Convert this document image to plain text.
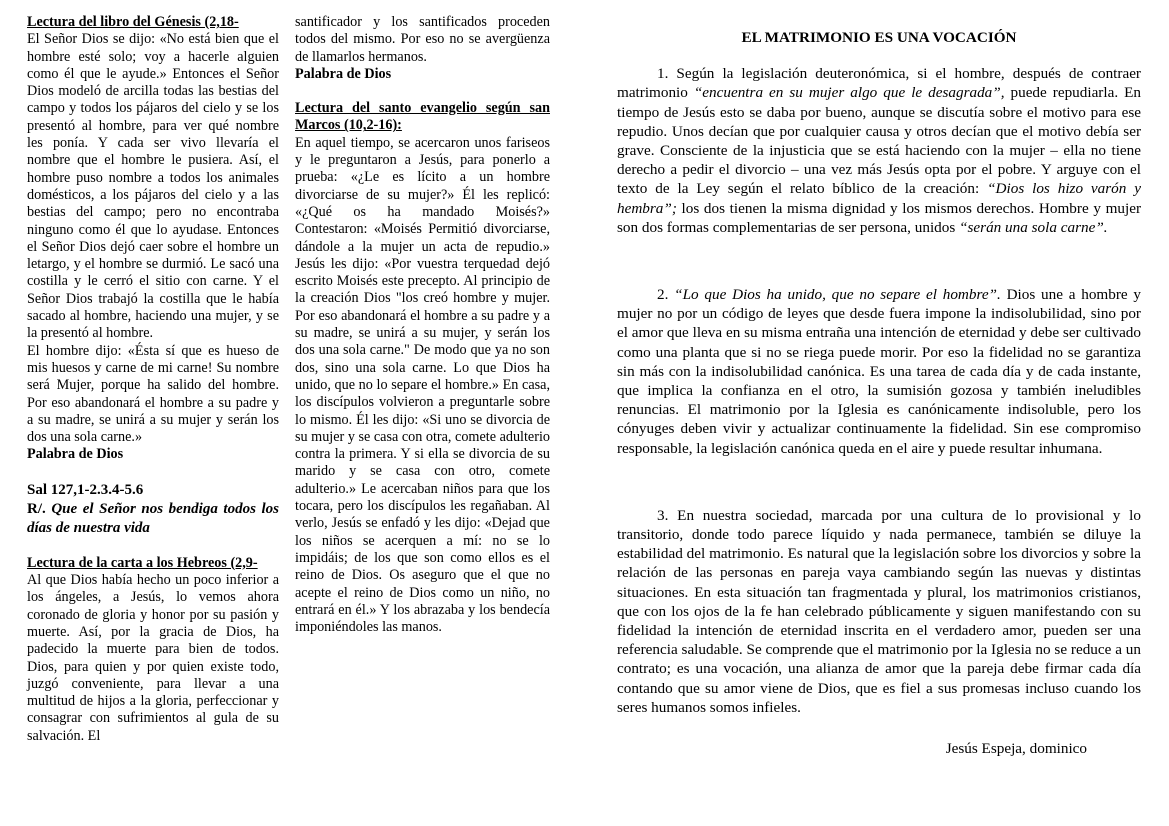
Lectura del libro del Génesis (2,18-

El Señor Dios se dijo: «No está bien que el hombre esté solo; voy a hacerle alguien como él que le ayude.» Entonces el Señor Dios modeló de arcilla todas las bestias del campo y todos los pájaros del cielo y se los presentó al hombre, para ver qué nombre les ponía. Y cada ser vivo llevaría el nombre que el hombre le pusiera. Así, el hombre puso nombre a todos los animales domésticos, a los pájaros del cielo y a las bestias del campo; pero no encontraba ninguno como él que lo ayudase. Entonces el Señor Dios dejó caer sobre el hombre un letargo, y el hombre se durmió. Le sacó una costilla y le cerró el sitio con carne. Y el Señor Dios trabajó la costilla que le había sacado al hombre, haciendo una mujer, y se la presentó al hombre.

El hombre dijo: «Ésta sí que es hueso de mis huesos y carne de mi carne! Su nombre será Mujer, porque ha salido del hombre. Por eso abandonará el hombre a su padre y a su madre, se unirá a su mujer y serán los dos una sola carne.»

Palabra de Dios
Sal 127,1-2.3.4-5.6
R/. Que el Señor nos bendiga todos los días de nuestra vida
Lectura de la carta a los Hebreos (2,9-

Al que Dios había hecho un poco inferior a los ángeles, a Jesús, lo vemos ahora coronado de gloria y honor por su pasión y muerte. Así, por la gracia de Dios, ha padecido la muerte para bien de todos. Dios, para quien y por quien existe todo, juzgó conveniente, para llevar a una multitud de hijos a la gloria, perfeccionar y consagrar con sufrimientos al gula de su salvación. El

santificador y los santificados proceden todos del mismo. Por eso no se avergüenza de llamarlos hermanos.

Palabra de Dios
Lectura del santo evangelio según san Marcos (10,2-16):

En aquel tiempo, se acercaron unos fariseos y le preguntaron a Jesús, para ponerlo a prueba: «¿Le es lícito a un hombre divorciarse de su mujer?» Él les replicó: «¿Qué os ha mandado Moisés?» Contestaron: «Moisés Permitió divorciarse, dándole a la mujer un acta de repudio.» Jesús les dijo: «Por vuestra terquedad dejó escrito Moisés este precepto. Al principio de la creación Dios "los creó hombre y mujer. Por eso abandonará el hombre a su padre y a su madre, se unirá a su mujer, y serán los dos una sola carne." De modo que ya no son dos, sino una sola carne. Lo que Dios ha unido, que no lo separe el hombre.» En casa, los discípulos volvieron a preguntarle sobre lo mismo. Él les dijo: «Si uno se divorcia de su mujer y se casa con otra, comete adulterio contra la primera. Y si ella se divorcia de su marido y se casa con otro, comete adulterio.» Le acercaban niños para que los tocara, pero los discípulos les regañaban. Al verlo, Jesús se enfadó y les dijo: «Dejad que los niños se acerquen a mí: no se lo impidáis; de los que son como ellos es el reino de Dios. Os aseguro que el que no acepte el reino de Dios como un niño, no entrará en él.» Y los abrazaba y los bendecía imponiéndoles las manos.

EL MATRIMONIO ES UNA VOCACIÓN

1. Según la legislación deuteronómica, si el hombre, después de contraer matrimonio “encuentra en su mujer algo que le desagrada”, puede repudiarla. En tiempo de Jesús esto se daba por bueno, aunque se discutía sobre el motivo para ese repudio. Unos decían que por cualquier causa y otros decían que el motivo debía ser grave. Consciente de la injusticia que se está haciendo con la mujer – ella no tiene derecho a pedir el divorcio – una vez más Jesús opta por el pobre. Y arguye con el texto de la Ley según el relato bíblico de la creación: “Dios los hizo varón y hembra”; los dos tienen la misma dignidad y los mismos derechos. Hombre y mujer son dos formas complementarias de ser persona, unidos “serán una sola carne”.

2. “Lo que Dios ha unido, que no separe el hombre”. Dios une a hombre y mujer no por un código de leyes que desde fuera impone la indisolubilidad, sino por el amor que lleva en su misma entraña una intención de eternidad y debe ser cultivado como una planta que si no se riega puede morir. Por eso la fidelidad no se garantiza sin más con la indisolubilidad canónica. Es una tarea de cada día y de cada instante, que implica la confianza en el otro, la sumisión gozosa y también ineludibles renuncias. El matrimonio por la Iglesia es canónicamente indisoluble, pero los cónyuges deben vivir y actualizar continuamente la fidelidad. Sin ese compromiso responsable, la legislación canónica queda en el aire y puede resultar inhumana.

3. En nuestra sociedad, marcada por una cultura de lo provisional y lo transitorio, donde todo parece líquido y nada permanece, también se diluye la estabilidad del matrimonio. Es natural que la legislación sobre los divorcios y sobre la relación de las personas en pareja vaya cambiando según las nuevas y distintas situaciones. En esta situación tan fragmentada y plural, los matrimonios cristianos, que con los ojos de la fe han celebrado públicamente y siguen manifestando con su fidelidad la intención de eternidad inscrita en el verdadero amor, pueden ser una referencia saludable. Se comprende que el matrimonio por la Iglesia no se reduce a un contrato; es una vocación, una alianza de amor que la pareja debe firmar cada día contando que su amor viene de Dios, que es fiel a sus promesas incluso cuando los seres humanos somos infieles.

Jesús Espeja, dominico
